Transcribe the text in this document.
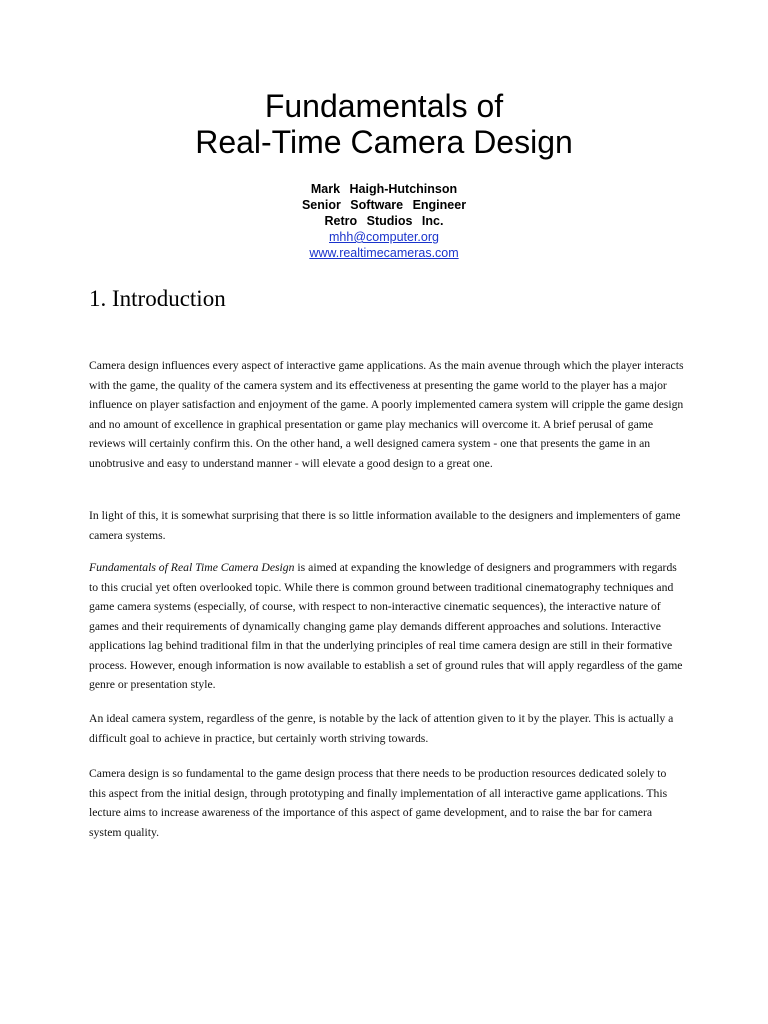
Fundamentals of
Real-Time Camera Design
Mark Haigh-Hutchinson
Senior Software Engineer
Retro Studios Inc.
mhh@computer.org
www.realtimecameras.com
1. Introduction

Camera design influences every aspect of interactive game applications. As the main avenue through which the player interacts with the game, the quality of the camera system and its effectiveness at presenting the game world to the player has a major influence on player satisfaction and enjoyment of the game. A poorly implemented camera system will cripple the game design and no amount of excellence in graphical presentation or game play mechanics will overcome it. A brief perusal of game reviews will certainly confirm this. On the other hand, a well designed camera system - one that presents the game in an unobtrusive and easy to understand manner - will elevate a good design to a great one.

In light of this, it is somewhat surprising that there is so little information available to the designers and implementers of game camera systems.

Fundamentals of Real Time Camera Design is aimed at expanding the knowledge of designers and programmers with regards to this crucial yet often overlooked topic. While there is common ground between traditional cinematography techniques and game camera systems (especially, of course, with respect to non-interactive cinematic sequences), the interactive nature of games and their requirements of dynamically changing game play demands different approaches and solutions. Interactive applications lag behind traditional film in that the underlying principles of real time camera design are still in their formative process. However, enough information is now available to establish a set of ground rules that will apply regardless of the game genre or presentation style.

An ideal camera system, regardless of the genre, is notable by the lack of attention given to it by the player. This is actually a difficult goal to achieve in practice, but certainly worth striving towards.

Camera design is so fundamental to the game design process that there needs to be production resources dedicated solely to this aspect from the initial design, through prototyping and finally implementation of all interactive game applications. This lecture aims to increase awareness of the importance of this aspect of game development, and to raise the bar for camera system quality.
